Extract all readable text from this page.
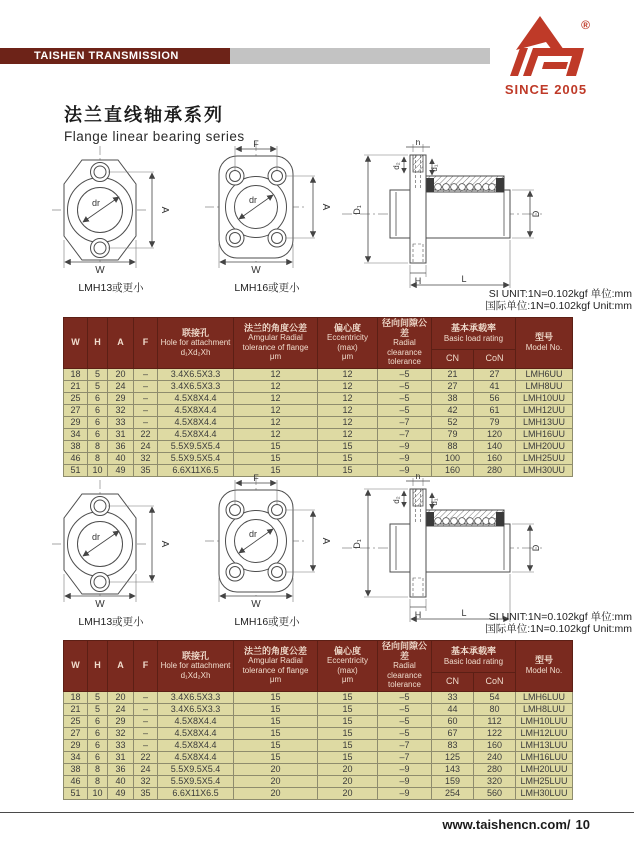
TAISHEN TRANSMISSION
®
SINCE 2005
法兰直线轴承系列
Flange linear bearing series
dr
A
W
LMH13或更小
F
dr
A
W
LMH16或更小
h
d₂	d₁
D₁	D
H	L
SI UNIT:1N=0.102kgf 单位:mm
国际单位:1N=0.102kgf Unit:mm
W	H	A	F	
联接孔
Hole for attachment
d₁Xd₂Xh

法兰的角度公差
Amgular Radial
tolerance of flange
μm

偏心度
Eccentricity
(max)
μm

径向间隙公差
Radial
clearance
tolerance

基本承载率
Basic load rating	型号
Model No.

								CN	CoN	
18	5	20	–	3.4X6.5X3.3	12	12	–5	21	27	LMH6UU
21	5	24	–	3.4X6.5X3.3	12	12	–5	27	41	LMH8UU
25	6	29	–	4.5X8X4.4	12	12	–5	38	56	LMH10UU
27	6	32	–	4.5X8X4.4	12	12	–5	42	61	LMH12UU
29	6	33	–	4.5X8X4.4	12	12	–7	52	79	LMH13UU
34	6	31	22	4.5X8X4.4	12	12	–7	79	120	LMH16UU
38	8	36	24	5.5X9.5X5.4	15	15	–9	88	140	LMH20UU
46	8	40	32	5.5X9.5X5.4	15	15	–9	100	160	LMH25UU
51	10	49	35	6.6X11X6.5	15	15	–9	160	280	LMH30UU
dr
A
W
LMH13或更小
F
dr
A
W
LMH16或更小
h
d₂	d₁
D₁	D
H	L	SI UNIT:1N=0.102kgf 单位:mm
国际单位:1N=0.102kgf Unit:mm
W	H	A	F	
联接孔
Hole for attachment
d₁Xd₂Xh

法兰的角度公差
Amgular Radial
tolerance of flange
μm

偏心度
Eccentricity
(max)
μm

径向间隙公差
Radial
clearance
tolerance

基本承载率
Basic load rating	型号
Model No.

								CN	CoN	
18	5	20	–	3.4X6.5X3.3	15	15	–5	33	54	LMH6LUU
21	5	24	–	3.4X6.5X3.3	15	15	–5	44	80	LMH8LUU
25	6	29	–	4.5X8X4.4	15	15	–5	60	112	LMH10LUU
27	6	32	–	4.5X8X4.4	15	15	–5	67	122	LMH12LUU
29	6	33	–	4.5X8X4.4	15	15	–7	83	160	LMH13LUU
34	6	31	22	4.5X8X4.4	15	15	–7	125	240	LMH16LUU
38	8	36	24	5.5X9.5X5.4	20	20	–9	143	280	LMH20LUU
46	8	40	32	5.5X9.5X5.4	20	20	–9	159	320	LMH25LUU
51	10	49	35	6.6X11X6.5	20	20	–9	254	560	LMH30LUU
www.taishencn.com/ 10
